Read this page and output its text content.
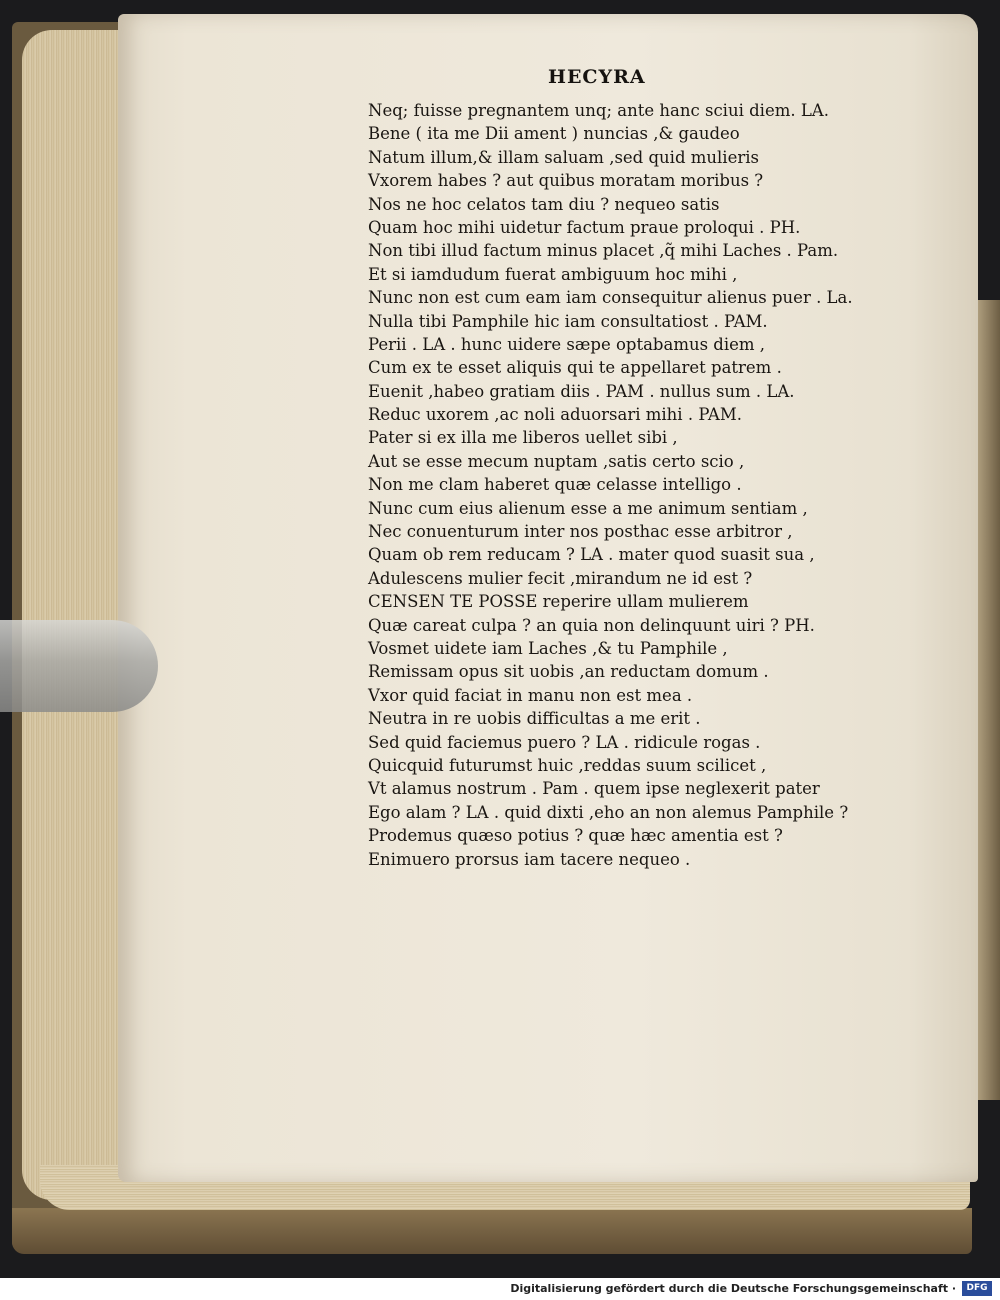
HECYRA
Neq; fuisse pregnantem unq; ante hanc sciui diem. LA.
Bene ( ita me Dii ament ) nuncias ,& gaudeo
Natum illum,& illam saluam ,sed quid mulieris
Vxorem habes ? aut quibus moratam moribus ?
Nos ne hoc celatos tam diu ? nequeo satis
Quam hoc mihi uidetur factum praue proloqui . PH.
Non tibi illud factum minus placet ,q̃ mihi Laches . Pam.
Et si iamdudum fuerat ambiguum hoc mihi ,
Nunc non est cum eam iam consequitur alienus puer . La.
Nulla tibi Pamphile hic iam consultatiost . PAM.
Perii . LA . hunc uidere sæpe optabamus diem ,
Cum ex te esset aliquis qui te appellaret patrem .
Euenit ,habeo gratiam diis . PAM . nullus sum . LA.
Reduc uxorem ,ac noli aduorsari mihi . PAM.
Pater si ex illa me liberos uellet sibi ,
Aut se esse mecum nuptam ,satis certo scio ,
Non me clam haberet quæ celasse intelligo .
Nunc cum eius alienum esse a me animum sentiam ,
Nec conuenturum inter nos posthac esse arbitror ,
Quam ob rem reducam ? LA . mater quod suasit sua ,
Adulescens mulier fecit ,mirandum ne id est ?
CENSEN TE POSSE reperire ullam mulierem
Quæ careat culpa ? an quia non delinquunt uiri ? PH.
Vosmet uidete iam Laches ,& tu Pamphile ,
Remissam opus sit uobis ,an reductam domum .
Vxor quid faciat in manu non est mea .
Neutra in re uobis difficultas a me erit .
Sed quid faciemus puero ? LA . ridicule rogas .
Quicquid futurumst huic ,reddas suum scilicet ,
Vt alamus nostrum . Pam . quem ipse neglexerit pater
Ego alam ? LA . quid dixti ,eho an non alemus Pamphile ?
Prodemus quæso potius ? quæ hæc amentia est ?
Enimuero prorsus iam tacere nequeo .
Digitalisierung gefördert durch die Deutsche Forschungsgemeinschaft ·	DFG
